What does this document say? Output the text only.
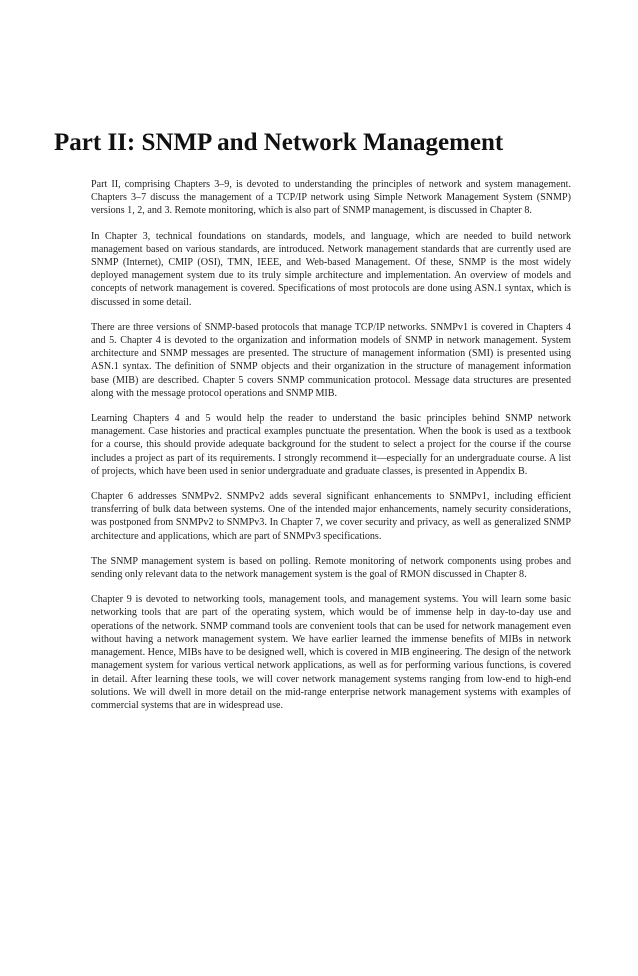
Part II: SNMP and Network Management

Part II, comprising Chapters 3–9, is devoted to understanding the principles of network and system management. Chapters 3–7 discuss the management of a TCP/IP network using Simple Network Management System (SNMP) versions 1, 2, and 3. Remote monitoring, which is also part of SNMP management, is discussed in Chapter 8.

In Chapter 3, technical foundations on standards, models, and language, which are needed to build network management based on various standards, are introduced. Network management standards that are currently used are SNMP (Internet), CMIP (OSI), TMN, IEEE, and Web-based Management. Of these, SNMP is the most widely deployed management system due to its truly simple architecture and implementation. An overview of models and concepts of network management is covered. Specifications of most protocols are done using ASN.1 syntax, which is discussed in some detail.

There are three versions of SNMP-based protocols that manage TCP/IP networks. SNMPv1 is covered in Chapters 4 and 5. Chapter 4 is devoted to the organization and information models of SNMP in network management. System architecture and SNMP messages are presented. The structure of management information (SMI) is presented using ASN.1 syntax. The definition of SNMP objects and their organization in the structure of management information base (MIB) are described. Chapter 5 covers SNMP communication protocol. Message data structures are presented along with the message protocol operations and SNMP MIB.

Learning Chapters 4 and 5 would help the reader to understand the basic principles behind SNMP network management. Case histories and practical examples punctuate the presentation. When the book is used as a textbook for a course, this should provide adequate background for the student to select a project for the course if the course includes a project as part of its requirements. I strongly recommend it—especially for an undergraduate course. A list of projects, which have been used in senior undergraduate and graduate classes, is presented in Appendix B.

Chapter 6 addresses SNMPv2. SNMPv2 adds several significant enhancements to SNMPv1, including efficient transferring of bulk data between systems. One of the intended major enhancements, namely security considerations, was postponed from SNMPv2 to SNMPv3. In Chapter 7, we cover security and privacy, as well as generalized SNMP architecture and applications, which are part of SNMPv3 specifications.

The SNMP management system is based on polling. Remote monitoring of network components using probes and sending only relevant data to the network management system is the goal of RMON discussed in Chapter 8.

Chapter 9 is devoted to networking tools, management tools, and management systems. You will learn some basic networking tools that are part of the operating system, which would be of immense help in day-to-day use and operations of the network. SNMP command tools are convenient tools that can be used for network management even without having a network management system. We have earlier learned the immense benefits of MIBs in network management. Hence, MIBs have to be designed well, which is covered in MIB engineering. The design of the network management system for various vertical network applications, as well as for performing various functions, is covered in detail. After learning these tools, we will cover network management systems ranging from low-end to high-end solutions. We will dwell in more detail on the mid-range enterprise network management systems with examples of commercial systems that are in widespread use.
